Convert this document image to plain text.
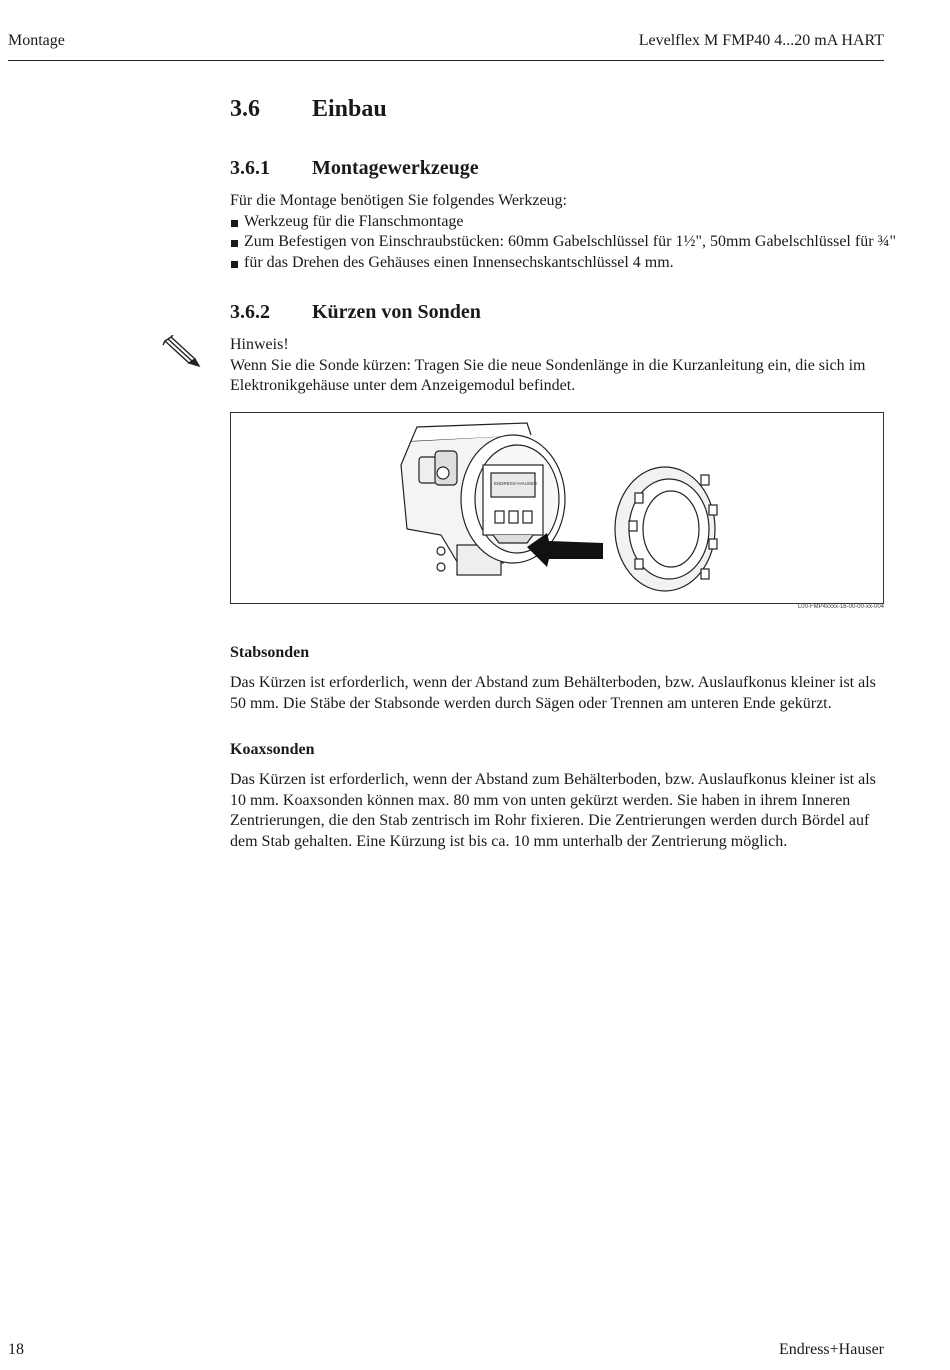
Montage	Levelflex M FMP40 4...20 mA HART
3.6 Einbau
3.6.1 Montagewerkzeuge
Für die Montage benötigen Sie folgendes Werkzeug:
Werkzeug für die Flanschmontage
Zum Befestigen von Einschraubstücken: 60mm Gabelschlüssel für 1½", 50mm Gabelschlüssel für ¾"
für das Drehen des Gehäuses einen Innensechskantschlüssel 4 mm.
3.6.2 Kürzen von Sonden
Hinweis!
Wenn Sie die Sonde kürzen: Tragen Sie die neue Sondenlänge in die Kurzanleitung ein, die sich im Elektronikgehäuse unter dem Anzeigemodul befindet.
ENDRESS+HAUSER
L00-FMP4xxxx-16-00-00-xx-004
Stabsonden
Das Kürzen ist erforderlich, wenn der Abstand zum Behälterboden, bzw. Auslaufkonus kleiner ist als 50 mm. Die Stäbe der Stabsonde werden durch Sägen oder Trennen am unteren Ende gekürzt.
Koaxsonden
Das Kürzen ist erforderlich, wenn der Abstand zum Behälterboden, bzw. Auslaufkonus kleiner ist als 10 mm. Koaxsonden können max. 80 mm von unten gekürzt werden. Sie haben in ihrem Inneren Zentrierungen, die den Stab zentrisch im Rohr fixieren. Die Zentrierungen werden durch Bördel auf dem Stab gehalten. Eine Kürzung ist bis ca. 10 mm unterhalb der Zentrierung möglich.
18	Endress+Hauser
